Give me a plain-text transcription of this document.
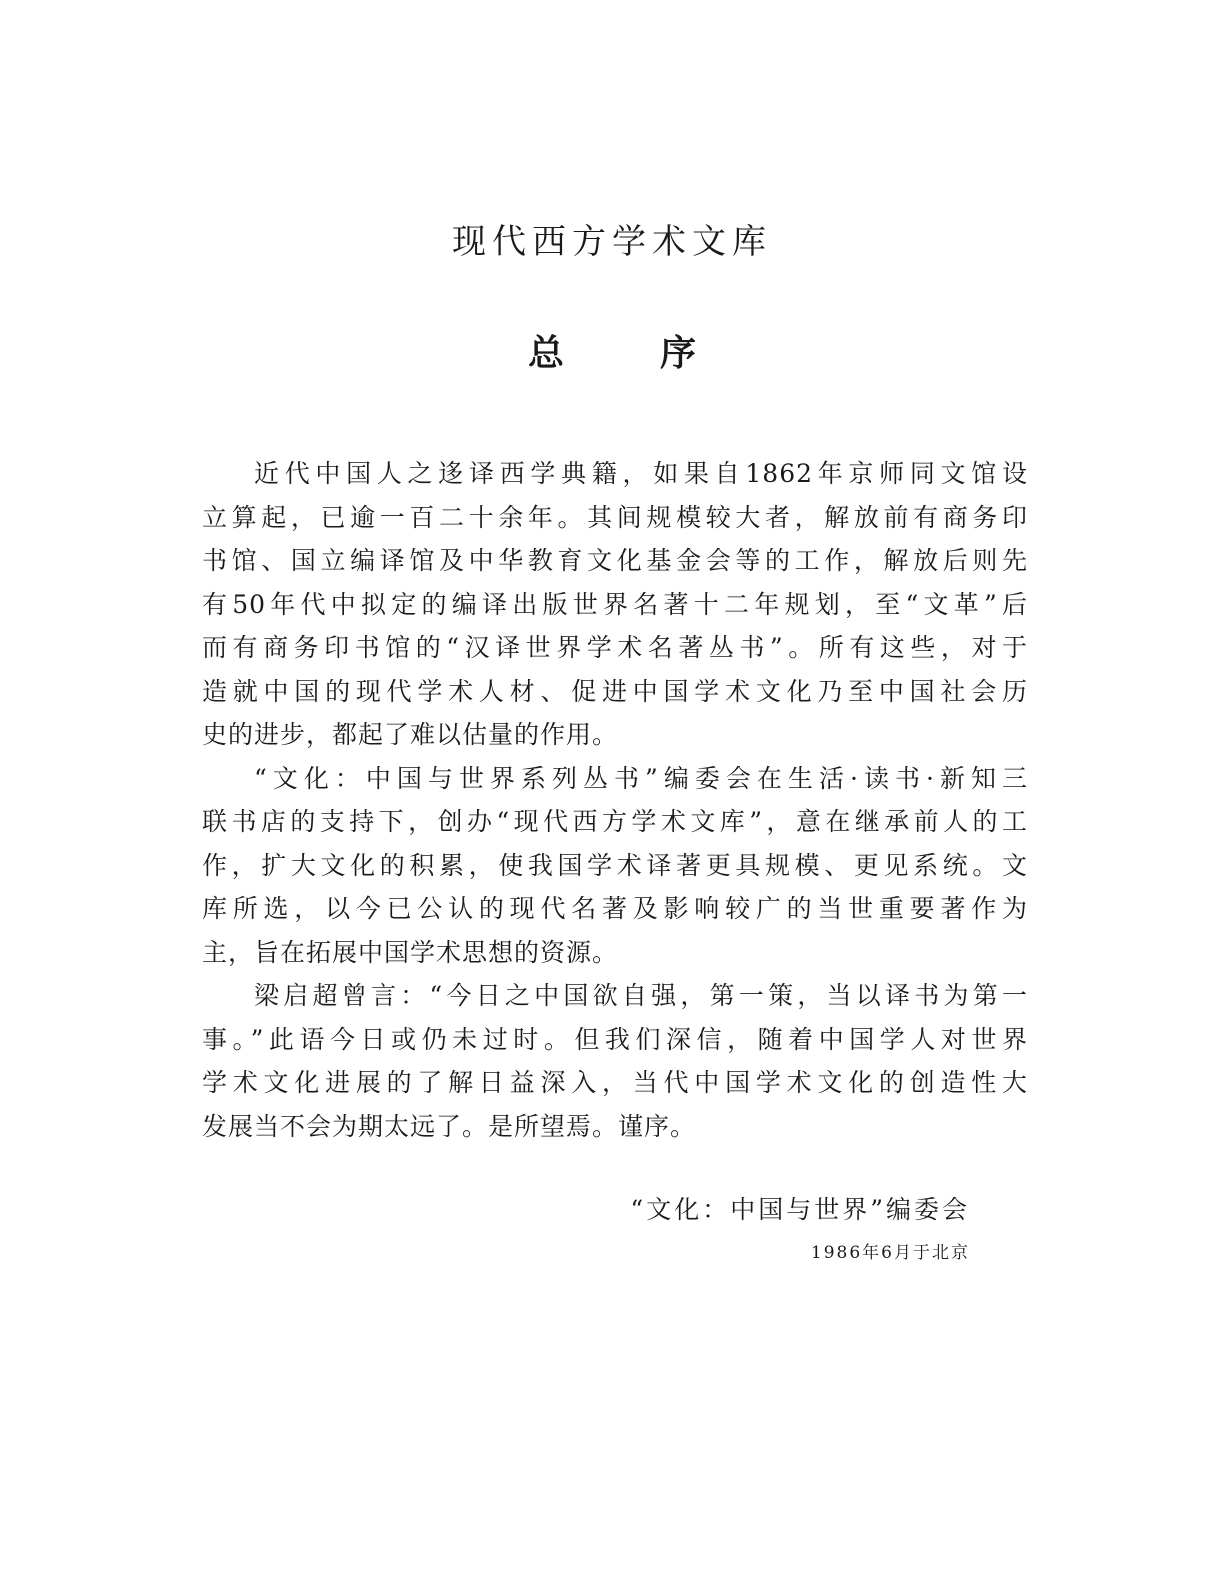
现代西方学术文库
总	序
近代中国人之迻译西学典籍，如果自1862年京师同文馆设
立算起，已逾一百二十余年。其间规模较大者，解放前有商务印
书馆、国立编译馆及中华教育文化基金会等的工作，解放后则先
有50年代中拟定的编译出版世界名著十二年规划，至“文革”后
而有商务印书馆的“汉译世界学术名著丛书”。所有这些，对于
造就中国的现代学术人材、促进中国学术文化乃至中国社会历
史的进步，都起了难以估量的作用。
“文化：中国与世界系列丛书”编委会在生活·读书·新知三
联书店的支持下，创办“现代西方学术文库”，意在继承前人的工
作，扩大文化的积累，使我国学术译著更具规模、更见系统。文
库所选，以今已公认的现代名著及影响较广的当世重要著作为
主，旨在拓展中国学术思想的资源。
梁启超曾言：“今日之中国欲自强，第一策，当以译书为第一
事。”此语今日或仍未过时。但我们深信，随着中国学人对世界
学术文化进展的了解日益深入，当代中国学术文化的创造性大
发展当不会为期太远了。是所望焉。谨序。
“文化：中国与世界”编委会
1986年6月于北京
